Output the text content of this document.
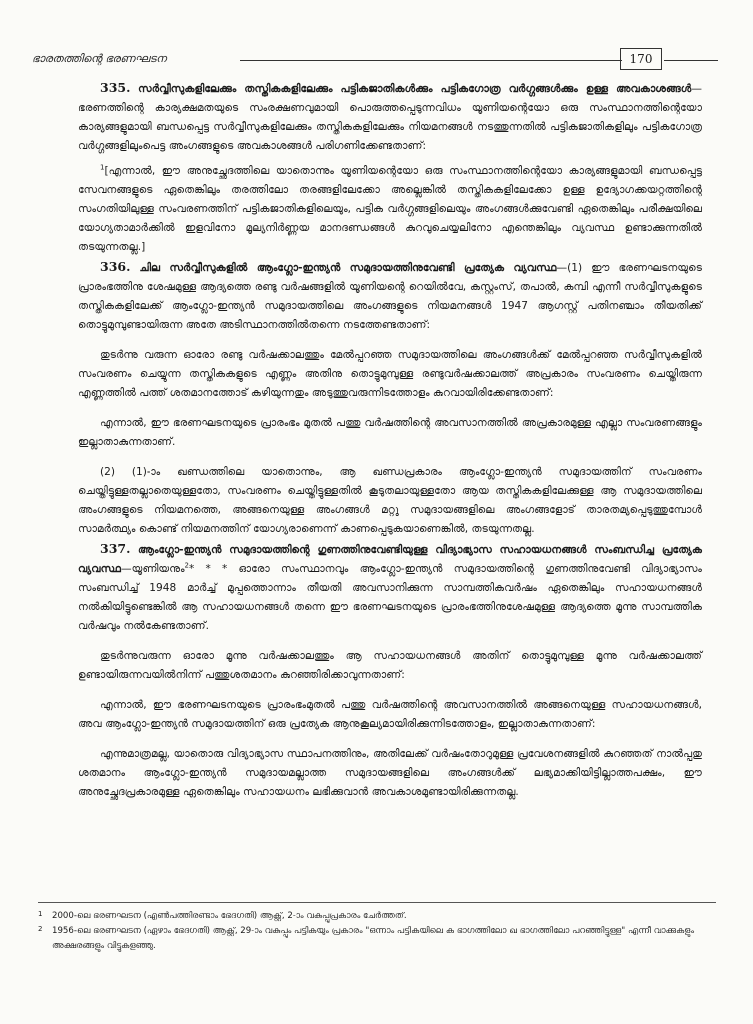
ഭാരതത്തിന്റെ ഭരണഘടന	170

335. സർവ്വീസുകളിലേക്കും തസ്തികകളിലേക്കും പട്ടികജാതികൾക്കും പട്ടികഗോത്ര വർഗ്ഗങ്ങൾക്കും ഉള്ള അവകാശങ്ങൾ—ഭരണത്തിന്റെ കാര്യക്ഷമതയുടെ സംരക്ഷണവുമായി പൊരുത്തപ്പെടുന്നവിധം യൂണിയന്റെയോ ഒരു സംസ്ഥാനത്തിന്റെയോ കാര്യങ്ങളുമായി ബന്ധപ്പെട്ട സർവ്വീസുകളിലേക്കും തസ്തികകളിലേക്കും നിയമനങ്ങൾ നടത്തുന്നതിൽ പട്ടികജാതികളിലും പട്ടികഗോത്ര വർഗ്ഗങ്ങളിലുംപെട്ട അംഗങ്ങളുടെ അവകാശങ്ങൾ പരിഗണിക്കേണ്ടതാണ്:

$^1$[എന്നാൽ, ഈ അനുച്ഛേദത്തിലെ യാതൊന്നും യൂണിയന്റെയോ ഒരു സംസ്ഥാനത്തിന്റെയോ കാര്യങ്ങളുമായി ബന്ധപ്പെട്ട സേവനങ്ങളുടെ ഏതെങ്കിലും തരത്തിലോ തരങ്ങളിലേക്കോ അല്ലെങ്കിൽ തസ്തികകളിലേക്കോ ഉള്ള ഉദ്യോഗക്കയറ്റത്തിന്റെ സംഗതിയിലുള്ള സംവരണത്തിന് പട്ടികജാതികളിലെയും, പട്ടിക വർഗ്ഗങ്ങളിലെയും അംഗങ്ങൾക്കുവേണ്ടി ഏതെങ്കിലും പരീക്ഷയിലെ യോഗ്യതാമാർക്കിൽ ഇളവിനോ മൂല്യനിർണ്ണയ മാനദണ്ഡങ്ങൾ കുറവുചെയ്യലിനോ എന്തെങ്കിലും വ്യവസ്ഥ ഉണ്ടാക്കുന്നതിൽ തടയുന്നതല്ല.]

336. ചില സർവ്വീസുകളിൽ ആംഗ്ലോ-ഇന്ത്യൻ സമുദായത്തിനുവേണ്ടി പ്രത്യേക വ്യവസ്ഥ—(1) ഈ ഭരണഘടനയുടെ പ്രാരംഭത്തിനു ശേഷമുള്ള ആദ്യത്തെ രണ്ടു വർഷങ്ങളിൽ യൂണിയന്റെ റെയിൽവേ, കസ്റ്റംസ്, തപാൽ, കമ്പി എന്നീ സർവ്വീസുകളുടെ തസ്തികകളിലേക്ക് ആംഗ്ലോ-ഇന്ത്യൻ സമുദായത്തിലെ അംഗങ്ങളുടെ നിയമനങ്ങൾ 1947 ആഗസ്റ്റ് പതിനഞ്ചാം തീയതിക്ക് തൊട്ടുമുമ്പുണ്ടായിരുന്ന അതേ അടിസ്ഥാനത്തിൽതന്നെ നടത്തേണ്ടതാണ്:

തുടർന്നു വരുന്ന ഓരോ രണ്ടു വർഷക്കാലത്തും മേൽപ്പറഞ്ഞ സമുദായത്തിലെ അംഗങ്ങൾക്ക് മേൽപ്പറഞ്ഞ സർവ്വീസുകളിൽ സംവരണം ചെയ്യുന്ന തസ്തികകളുടെ എണ്ണം അതിനു തൊട്ടുമുമ്പുള്ള രണ്ടുവർഷക്കാലത്ത് അപ്രകാരം സംവരണം ചെയ്തിരുന്ന എണ്ണത്തിൽ പത്ത് ശതമാനത്തോട് കഴിയുന്നതും അടുത്തുവരുന്നിടത്തോളം കുറവായിരിക്കേണ്ടതാണ്:

എന്നാൽ, ഈ ഭരണഘടനയുടെ പ്രാരംഭം മുതൽ പത്തു വർഷത്തിന്റെ അവസാനത്തിൽ അപ്രകാരമുള്ള എല്ലാ സംവരണങ്ങളും ഇല്ലാതാകുന്നതാണ്.

(2) (1)-ാം ഖണ്ഡത്തിലെ യാതൊന്നും, ആ ഖണ്ഡപ്രകാരം ആംഗ്ലോ-ഇന്ത്യൻ സമുദായത്തിന് സംവരണം ചെയ്തിട്ടുള്ളതല്ലാതെയുള്ളതോ, സംവരണം ചെയ്തിട്ടുള്ളതിൽ കൂടുതലായുള്ളതോ ആയ തസ്തികകളിലേക്കുള്ള ആ സമുദായത്തിലെ അംഗങ്ങളുടെ നിയമനത്തെ, അങ്ങനെയുള്ള അംഗങ്ങൾ മറ്റു സമുദായങ്ങളിലെ അംഗങ്ങളോട് താരതമ്യപ്പെടുത്തുമ്പോൾ സാമർത്ഥ്യം കൊണ്ട് നിയമനത്തിന് യോഗ്യരാണെന്ന് കാണപ്പെടുകയാണെങ്കിൽ, തടയുന്നതല്ല.

337. ആംഗ്ലോ-ഇന്ത്യൻ സമുദായത്തിന്റെ ഗുണത്തിനുവേണ്ടിയുള്ള വിദ്യാഭ്യാസ സഹായധനങ്ങൾ സംബന്ധിച്ച പ്രത്യേക വ്യവസ്ഥ—യൂണിയനും$^2$* * * ഓരോ സംസ്ഥാനവും ആംഗ്ലോ-ഇന്ത്യൻ സമുദായത്തിന്റെ ഗുണത്തിനുവേണ്ടി വിദ്യാഭ്യാസം സംബന്ധിച്ച് 1948 മാർച്ച് മുപ്പത്തൊന്നാം തീയതി അവസാനിക്കുന്ന സാമ്പത്തികവർഷം ഏതെങ്കിലും സഹായധനങ്ങൾ നൽകിയിട്ടുണ്ടെങ്കിൽ ആ സഹായധനങ്ങൾ തന്നെ ഈ ഭരണഘടനയുടെ പ്രാരംഭത്തിനുശേഷമുള്ള ആദ്യത്തെ മൂന്നു സാമ്പത്തിക വർഷവും നൽകേണ്ടതാണ്.

തുടർന്നുവരുന്ന ഓരോ മൂന്നു വർഷക്കാലത്തും ആ സഹായധനങ്ങൾ അതിന് തൊട്ടുമുമ്പുള്ള മൂന്നു വർഷക്കാലത്ത് ഉണ്ടായിരുന്നവയിൽനിന്ന് പത്തുശതമാനം കുറഞ്ഞിരിക്കാവുന്നതാണ്:

എന്നാൽ, ഈ ഭരണഘടനയുടെ പ്രാരംഭംമുതൽ പത്തു വർഷത്തിന്റെ അവസാനത്തിൽ അങ്ങനെയുള്ള സഹായധനങ്ങൾ, അവ ആംഗ്ലോ-ഇന്ത്യൻ സമുദായത്തിന് ഒരു പ്രത്യേക ആനുകൂല്യമായിരിക്കുന്നിടത്തോളം, ഇല്ലാതാകുന്നതാണ്:

എന്നുമാത്രമല്ല, യാതൊരു വിദ്യാഭ്യാസ സ്ഥാപനത്തിനും, അതിലേക്ക് വർഷംതോറുമുള്ള പ്രവേശനങ്ങളിൽ കുറഞ്ഞത് നാൽപ്പതു ശതമാനം ആംഗ്ലോ-ഇന്ത്യൻ സമുദായമല്ലാത്ത സമുദായങ്ങളിലെ അംഗങ്ങൾക്ക് ലഭ്യമാക്കിയിട്ടില്ലാത്തപക്ഷം, ഈ അനുച്ഛേദപ്രകാരമുള്ള ഏതെങ്കിലും സഹായധനം ലഭിക്കുവാൻ അവകാശമുണ്ടായിരിക്കുന്നതല്ല.

1 2000-ലെ ഭരണഘടന (എൺപത്തിരണ്ടാം ഭേദഗതി) ആക്റ്റ്, 2-ാം വകുപ്പുപ്രകാരം ചേർത്തത്.

2 1956-ലെ ഭരണഘടന (ഏഴാം ഭേദഗതി) ആക്റ്റ്, 29-ാം വകുപ്പും പട്ടികയും പ്രകാരം "ഒന്നാം പട്ടികയിലെ ക ഭാഗത്തിലോ ഖ ഭാഗത്തിലോ പറഞ്ഞിട്ടുള്ള" എന്നീ വാക്കുകളും അക്ഷരങ്ങളും വിട്ടുകളഞ്ഞു.
